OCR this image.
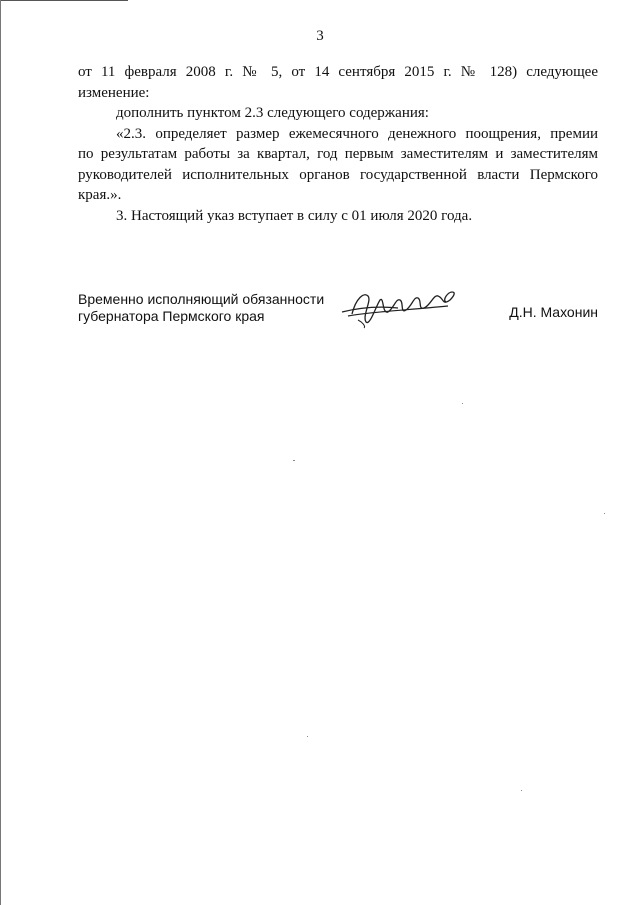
3

от 11 февраля 2008 г. № 5, от 14 сентября 2015 г. № 128) следующее

изменение:

дополнить пунктом 2.3 следующего содержания:

«2.3. определяет размер ежемесячного денежного поощрения, премии

по результатам работы за квартал, год первым заместителям и заместителям

руководителей исполнительных органов государственной власти Пермского

края.».

3. Настоящий указ вступает в силу с 01 июля 2020 года.

Временно исполняющий обязанности
губернатора Пермского края	Д.Н. Махонин
